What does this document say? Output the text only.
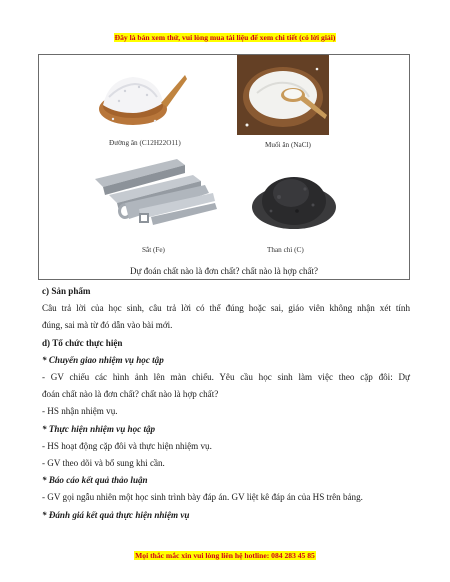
Đây là bản xem thử, vui lòng mua tài liệu để xem chi tiết (có lời giải)
Đường ăn (C12H22O11)	Muối ăn (NaCl)
Sắt (Fe)	Than chì (C)
Dự đoán chất nào là đơn chất? chất nào là hợp chất?
c) Sản phẩm
Câu trả lời của học sinh, câu trả lời có thể đúng hoặc sai, giáo viên không nhận xét tính
đúng, sai mà từ đó dẫn vào bài mới.
d) Tổ chức thực hiện
* Chuyển giao nhiệm vụ học tập
- GV chiếu các hình ảnh lên màn chiếu. Yêu cầu học sinh làm việc theo cặp đôi: Dự
đoán chất nào là đơn chất? chất nào là hợp chất?
- HS nhận nhiệm vụ.
* Thực hiện nhiệm vụ học tập
- HS hoạt động cặp đôi và thực hiện nhiệm vụ.
- GV theo dõi và bổ sung khi cần.
* Báo cáo kết quả thảo luận
- GV gọi ngẫu nhiên một học sinh trình bày đáp án. GV liệt kê đáp án của HS trên bảng.
* Đánh giá kết quả thực hiện nhiệm vụ
Mọi thắc mắc xin vui lòng liên hệ hotline: 084 283 45 85
